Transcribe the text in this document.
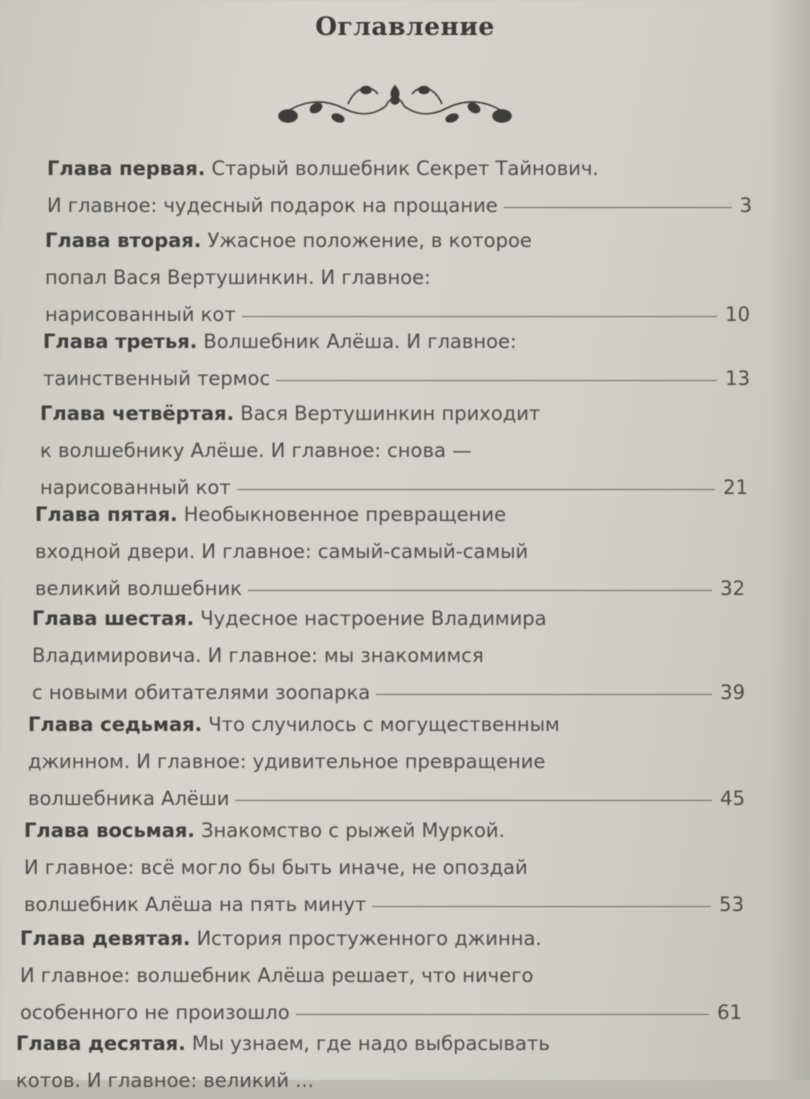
Оглавление
Глава первая. Старый волшебник Секрет Тайнович.
И главное: чудесный подарок на прощание	3
Глава вторая. Ужасное положение, в которое
попал Вася Вертушинкин. И главное:
нарисованный кот	10
Глава третья. Волшебник Алёша. И главное:
таинственный термос	13
Глава четвёртая. Вася Вертушинкин приходит
к волшебнику Алёше. И главное: снова —
нарисованный кот	21
Глава пятая. Необыкновенное превращение
входной двери. И главное: самый-самый-самый
великий волшебник	32
Глава шестая. Чудесное настроение Владимира
Владимировича. И главное: мы знакомимся
с новыми обитателями зоопарка	39
Глава седьмая. Что случилось с могущественным
джинном. И главное: удивительное превращение
волшебника Алёши	45
Глава восьмая. Знакомство с рыжей Муркой.
И главное: всё могло бы быть иначе, не опоздай
волшебник Алёша на пять минут	53
Глава девятая. История простуженного джинна.
И главное: волшебник Алёша решает, что ничего
особенного не произошло	61
Глава десятая. Мы узнаем, где надо выбрасывать
котов. И главное: великий ...
